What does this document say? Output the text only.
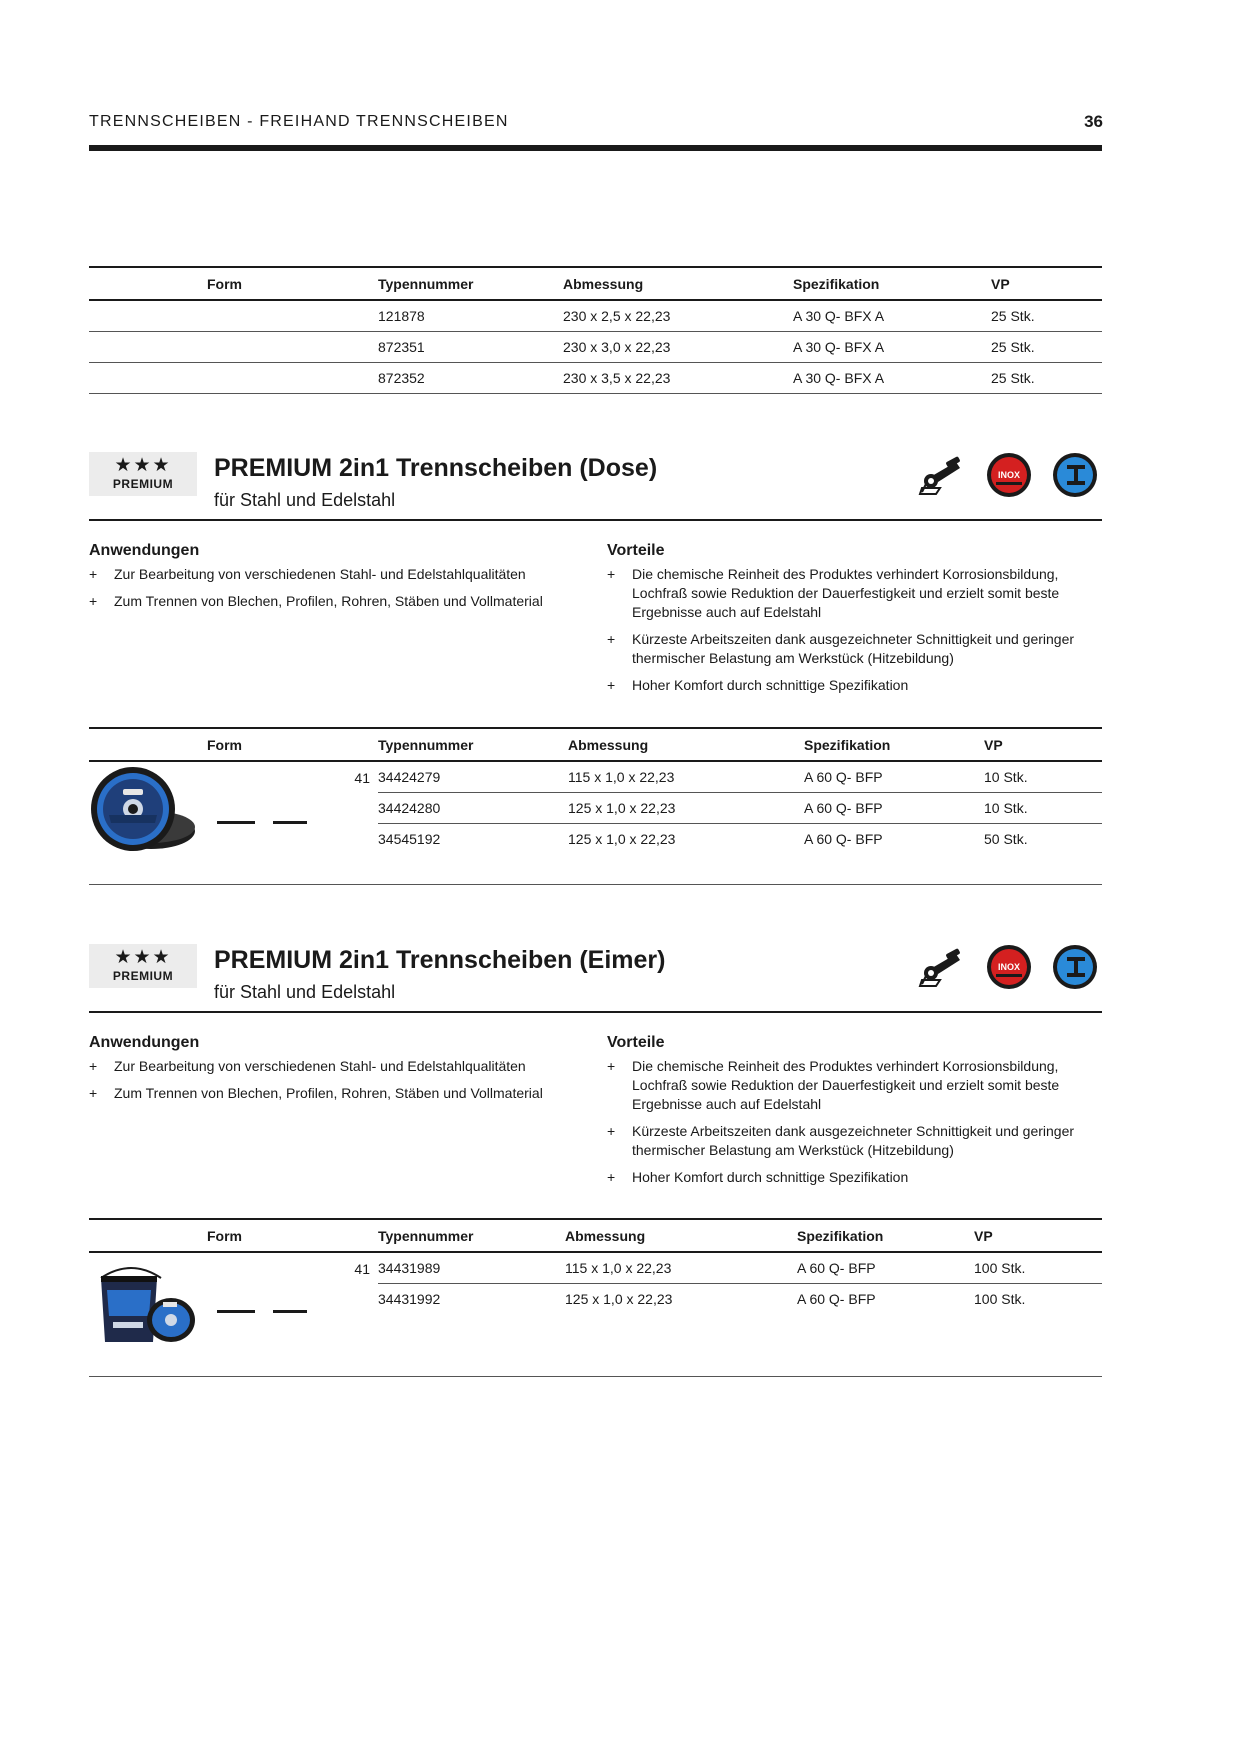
TRENNSCHEIBEN - FREIHAND TRENNSCHEIBEN	36
Form	Typennummer	Abmessung	Spezifikation	VP
	121878	230 x 2,5 x 22,23	A 30 Q- BFX A	25 Stk.
	872351	230 x 3,0 x 22,23	A 30 Q- BFX A	25 Stk.
	872352	230 x 3,5 x 22,23	A 30 Q- BFX A	25 Stk.
★★★
PREMIUM
PREMIUM 2in1 Trennscheiben (Dose)
für Stahl und Edelstahl
INOX
Anwendungen
+ Zur Bearbeitung von verschiedenen Stahl- und Edelstahlqualitäten
+ Zum Trennen von Blechen, Profilen, Rohren, Stäben und Vollmaterial
Vorteile
+ Die chemische Reinheit des Produktes verhindert Korrosionsbildung, Lochfraß sowie Reduktion der Dauerfestigkeit und erzielt somit beste Ergebnisse auch auf Edelstahl
+ Kürzeste Arbeitszeiten dank ausgezeichneter Schnittigkeit und geringer thermischer Belastung am Werkstück (Hitzebildung)
+ Hoher Komfort durch schnittige Spezifikation
Form		Typennummer	Abmessung	Spezifikation	VP

	41	34424279	115 x 1,0 x 22,23	A 60 Q- BFP	10 Stk.
		34424280	125 x 1,0 x 22,23	A 60 Q- BFP	10 Stk.
		34545192	125 x 1,0 x 22,23	A 60 Q- BFP	50 Stk.
★★★
PREMIUM
PREMIUM 2in1 Trennscheiben (Eimer)
für Stahl und Edelstahl
INOX
Anwendungen
+ Zur Bearbeitung von verschiedenen Stahl- und Edelstahlqualitäten
+ Zum Trennen von Blechen, Profilen, Rohren, Stäben und Vollmaterial
Vorteile
+ Die chemische Reinheit des Produktes verhindert Korrosionsbildung, Lochfraß sowie Reduktion der Dauerfestigkeit und erzielt somit beste Ergebnisse auch auf Edelstahl
+ Kürzeste Arbeitszeiten dank ausgezeichneter Schnittigkeit und geringer thermischer Belastung am Werkstück (Hitzebildung)
+ Hoher Komfort durch schnittige Spezifikation
Form		Typennummer	Abmessung	Spezifikation	VP

	41	34431989	115 x 1,0 x 22,23	A 60 Q- BFP	100 Stk.
		34431992	125 x 1,0 x 22,23	A 60 Q- BFP	100 Stk.
